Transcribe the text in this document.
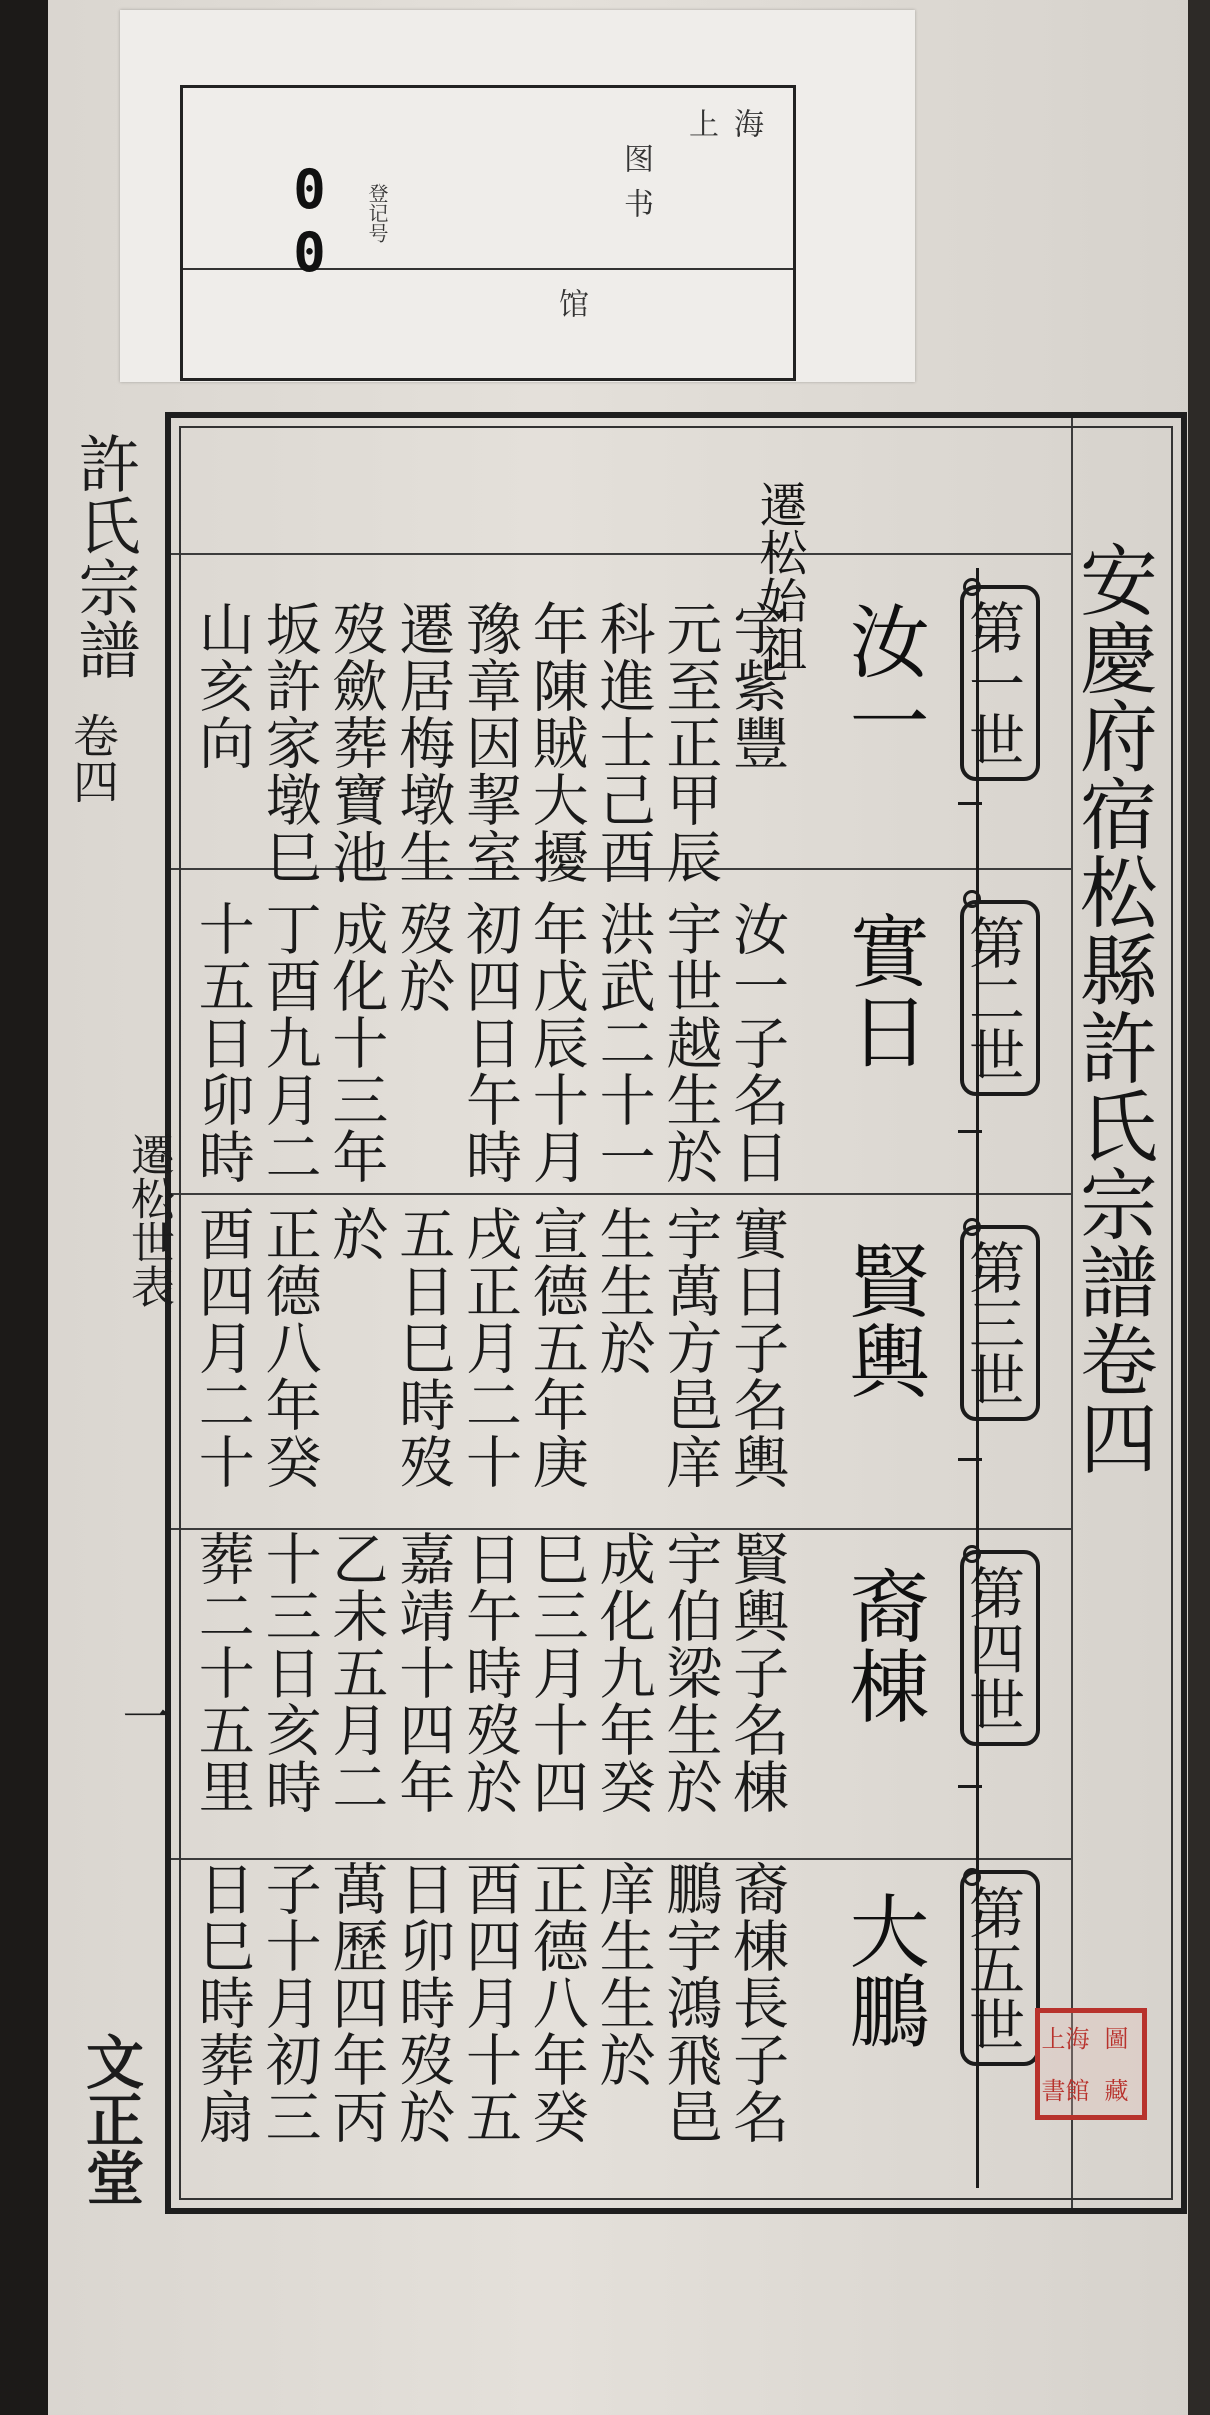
上 海
图
书
馆
登记号
00
安慶府宿松縣許氏宗譜卷四
第一世
第二世
第三世
第四世
第五世
遷松始祖
汝一
實日
賢輿
裔棟
大鵬
宇紫豐
元至正甲辰
科進士己酉
年陳賊大擾
豫章因挈室
遷居梅墩生
歿歛葬寶池
坂許家墩巳
山亥向
汝一子名日
宇世越生於
洪武二十一
年戊辰十月
初四日午時
歿於
成化十三年
丁酉九月二
十五日卯時
實日子名輿
宇萬方邑庠
生生於
宣德五年庚
戌正月二十
五日巳時歿
於
正德八年癸
酉四月二十
賢輿子名棟
宇伯梁生於
成化九年癸
巳三月十四
日午時歿於
嘉靖十四年
乙未五月二
十三日亥時
葬二十五里
裔棟長子名
鵬宇鴻飛邑
庠生生於
正德八年癸
酉四月十五
日卯時歿於
萬歷四年丙
子十月初三
日巳時葬扇
許氏宗譜
卷四
遷松世表
一
文正堂	上海 圖
書館 藏
